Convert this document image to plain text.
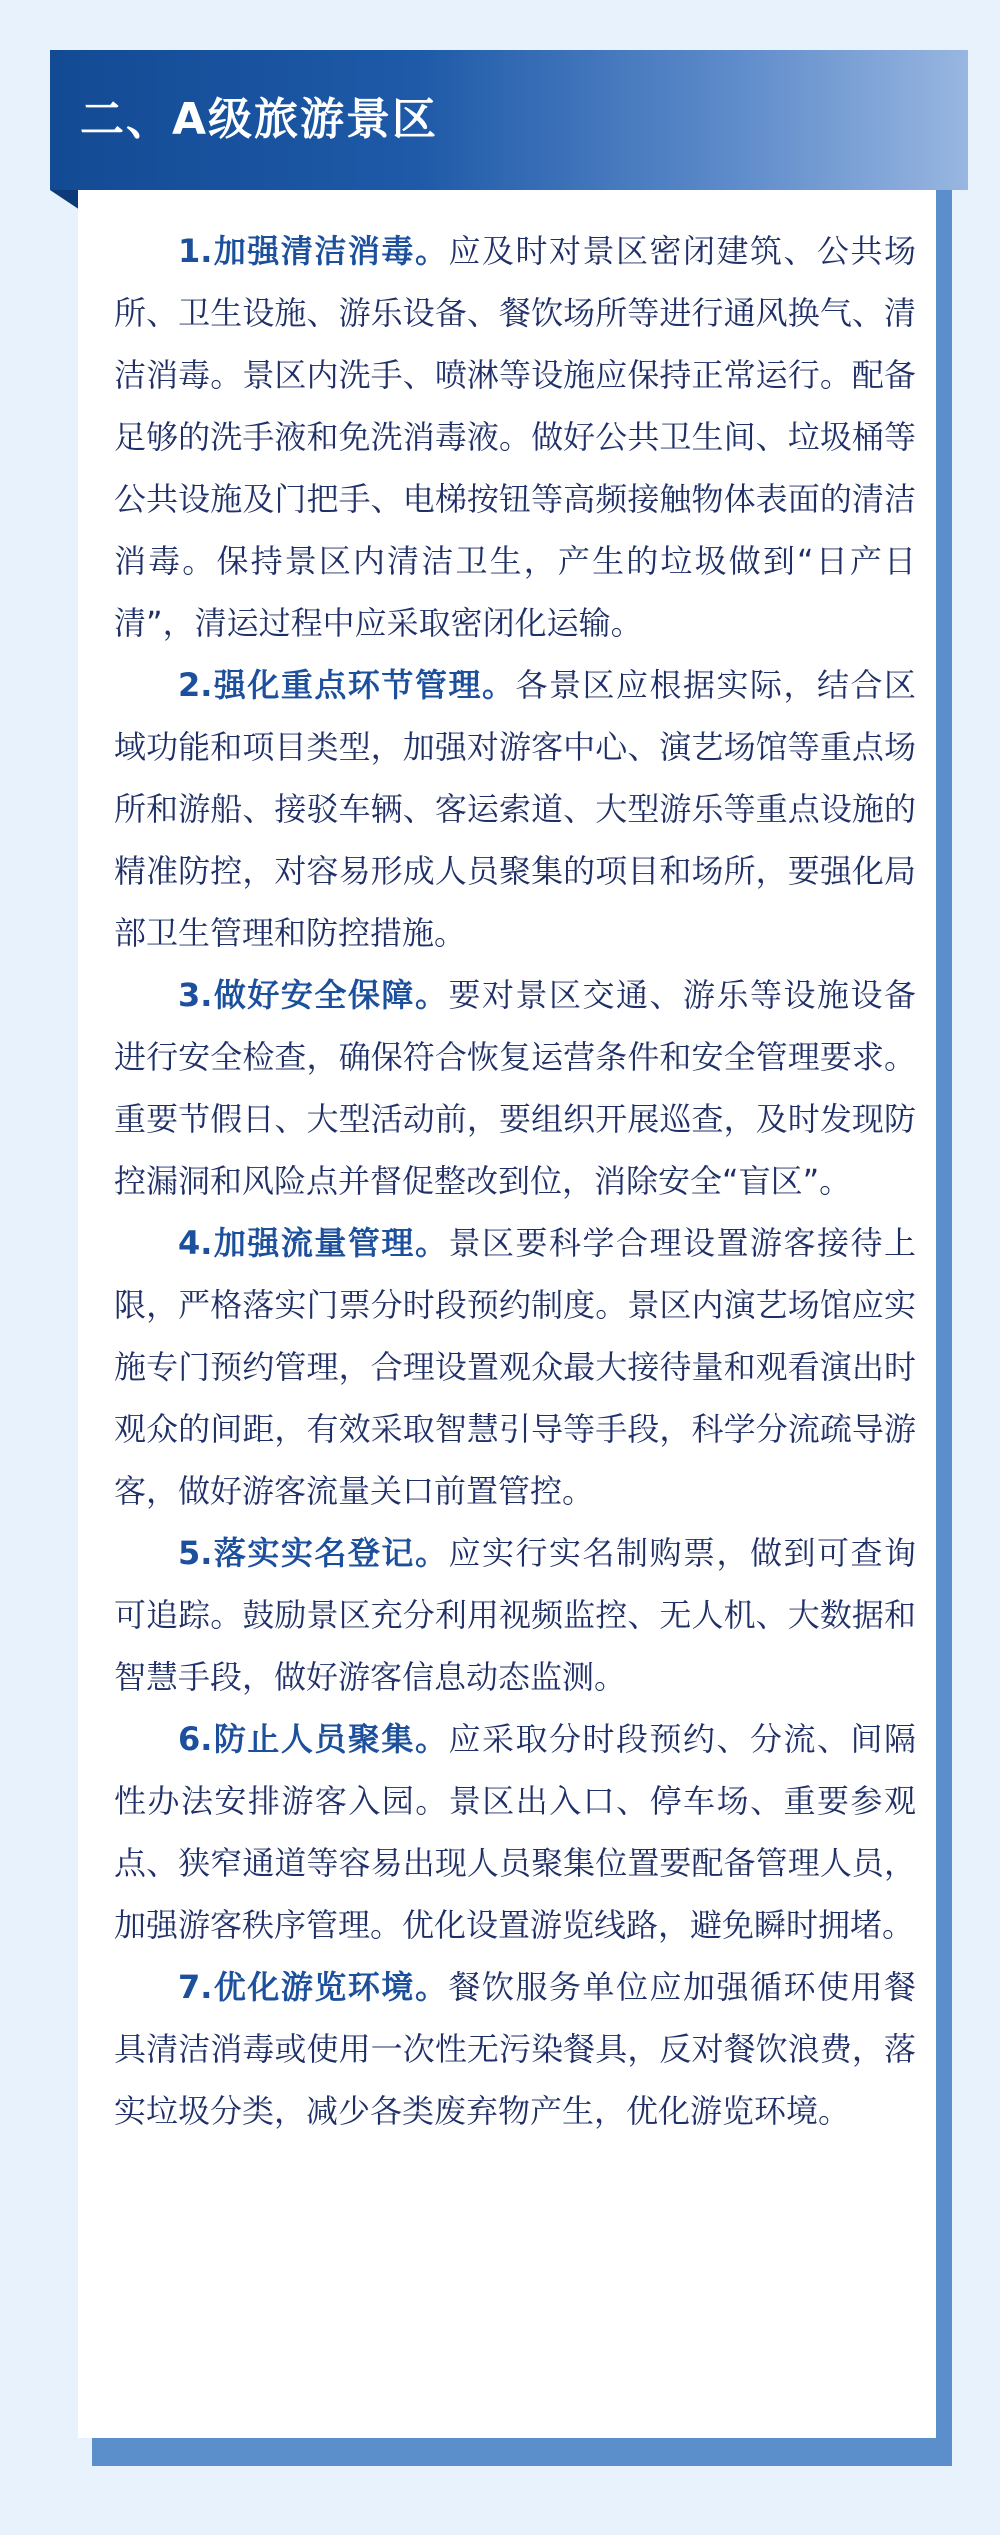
二、A级旅游景区

1.加强清洁消毒。应及时对景区密闭建筑、公共场所、卫生设施、游乐设备、餐饮场所等进行通风换气、清洁消毒。景区内洗手、喷淋等设施应保持正常运行。配备足够的洗手液和免洗消毒液。做好公共卫生间、垃圾桶等公共设施及门把手、电梯按钮等高频接触物体表面的清洁消毒。保持景区内清洁卫生，产生的垃圾做到“日产日清”，清运过程中应采取密闭化运输。

2.强化重点环节管理。各景区应根据实际，结合区域功能和项目类型，加强对游客中心、演艺场馆等重点场所和游船、接驳车辆、客运索道、大型游乐等重点设施的精准防控，对容易形成人员聚集的项目和场所，要强化局部卫生管理和防控措施。

3.做好安全保障。要对景区交通、游乐等设施设备进行安全检查，确保符合恢复运营条件和安全管理要求。重要节假日、大型活动前，要组织开展巡查，及时发现防控漏洞和风险点并督促整改到位，消除安全“盲区”。

4.加强流量管理。景区要科学合理设置游客接待上限，严格落实门票分时段预约制度。景区内演艺场馆应实施专门预约管理，合理设置观众最大接待量和观看演出时观众的间距，有效采取智慧引导等手段，科学分流疏导游客，做好游客流量关口前置管控。

5.落实实名登记。应实行实名制购票，做到可查询可追踪。鼓励景区充分利用视频监控、无人机、大数据和智慧手段，做好游客信息动态监测。

6.防止人员聚集。应采取分时段预约、分流、间隔性办法安排游客入园。景区出入口、停车场、重要参观点、狭窄通道等容易出现人员聚集位置要配备管理人员，加强游客秩序管理。优化设置游览线路，避免瞬时拥堵。

7.优化游览环境。餐饮服务单位应加强循环使用餐具清洁消毒或使用一次性无污染餐具，反对餐饮浪费，落实垃圾分类，减少各类废弃物产生，优化游览环境。
